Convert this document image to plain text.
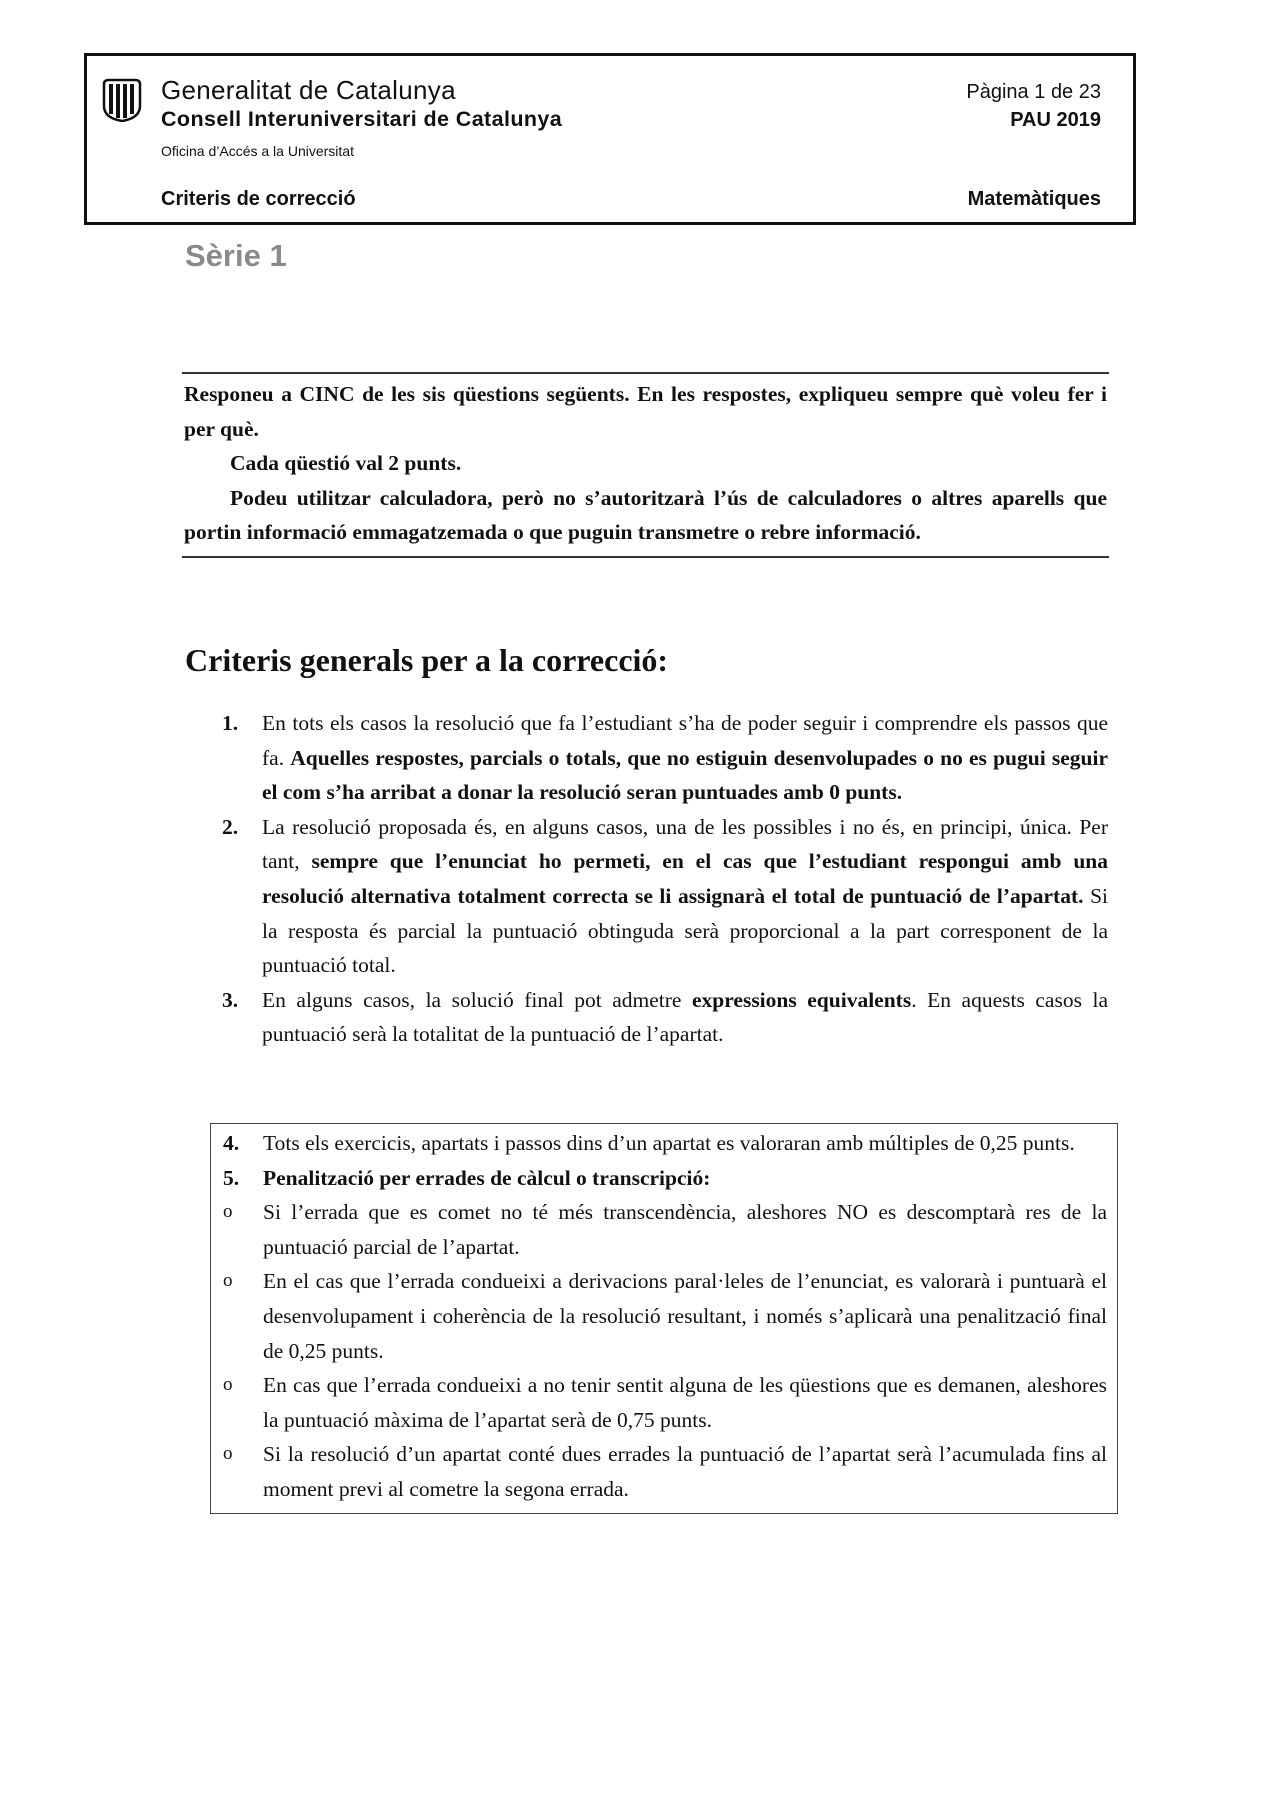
Generalitat de Catalunya
Consell Interuniversitari de Catalunya
Oficina d’Accés a la Universitat
Pàgina 1 de 23
PAU 2019
Criteris de correcció	Matemàtiques
Sèrie 1

Responeu a CINC de les sis qüestions següents. En les respostes, expliqueu sempre què voleu fer i per què.

Cada qüestió val 2 punts.

Podeu utilitzar calculadora, però no s’autoritzarà l’ús de calculadores o altres aparells que portin informació emmagatzemada o que puguin transmetre o rebre informació.

Criteris generals per a la correcció:
1. En tots els casos la resolució que fa l’estudiant s’ha de poder seguir i comprendre els passos que fa. Aquelles respostes, parcials o totals, que no estiguin desenvolupades o no es pugui seguir el com s’ha arribat a donar la resolució seran puntuades amb 0 punts.
2. La resolució proposada és, en alguns casos, una de les possibles i no és, en principi, única. Per tant, sempre que l’enunciat ho permeti, en el cas que l’estudiant respongui amb una resolució alternativa totalment correcta se li assignarà el total de puntuació de l’apartat. Si la resposta és parcial la puntuació obtinguda serà proporcional a la part corresponent de la puntuació total.
3. En alguns casos, la solució final pot admetre expressions equivalents. En aquests casos la puntuació serà la totalitat de la puntuació de l’apartat.
4. Tots els exercicis, apartats i passos dins d’un apartat es valoraran amb múltiples de 0,25 punts.
5. Penalització per errades de càlcul o transcripció:
o Si l’errada que es comet no té més transcendència, aleshores NO es descomptarà res de la puntuació parcial de l’apartat.
o En el cas que l’errada condueixi a derivacions paral·leles de l’enunciat, es valorarà i puntuarà el desenvolupament i coherència de la resolució resultant, i només s’aplicarà una penalització final de 0,25 punts.
o En cas que l’errada condueixi a no tenir sentit alguna de les qüestions que es demanen, aleshores la puntuació màxima de l’apartat serà de 0,75 punts.
o Si la resolució d’un apartat conté dues errades la puntuació de l’apartat serà l’acumulada fins al moment previ al cometre la segona errada.
